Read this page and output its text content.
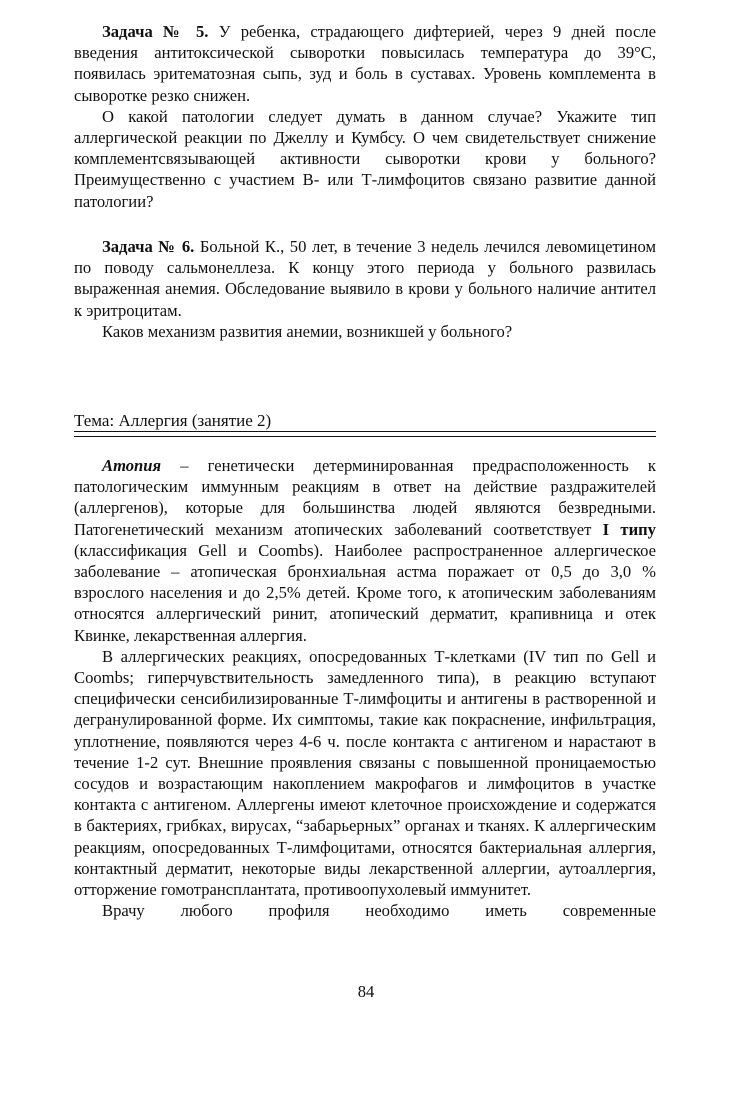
Задача № 5. У ребенка, страдающего дифтерией, через 9 дней после введения антитоксической сыворотки повысилась температура до 39°С, появилась эритематозная сыпь, зуд и боль в суставах. Уровень комплемента в сыворотке резко снижен.

О какой патологии следует думать в данном случае? Укажите тип аллергической реакции по Джеллу и Кумбсу. О чем свидетельствует снижение комплементсвязывающей активности сыворотки крови у больного? Преимущественно с участием В- или Т-лимфоцитов связано развитие данной патологии?

Задача № 6. Больной К., 50 лет, в течение 3 недель лечился левомицетином по поводу сальмонеллеза. К концу этого периода у больного развилась выраженная анемия. Обследование выявило в крови у больного наличие антител к эритроцитам.

Каков механизм развития анемии, возникшей у больного?

Тема: Аллергия (занятие 2)

Атопия – генетически детерминированная предрасположенность к патологическим иммунным реакциям в ответ на действие раздражителей (аллергенов), которые для большинства людей являются безвредными. Патогенетический механизм атопических заболеваний соответствует I типу (классификация Gell и Coombs). Наиболее распространенное аллергическое заболевание – атопическая бронхиальная астма поражает от 0,5 до 3,0 % взрослого населения и до 2,5% детей. Кроме того, к атопическим заболеваниям относятся аллергический ринит, атопический дерматит, крапивница и отек Квинке, лекарственная аллергия.

В аллергических реакциях, опосредованных Т-клетками (IV тип по Gell и Coombs; гиперчувствительность замедленного типа), в реакцию вступают специфически сенсибилизированные Т-лимфоциты и антигены в растворенной и дегранулированной форме. Их симптомы, такие как покраснение, инфильтрация, уплотнение, появляются через 4-6 ч. после контакта с антигеном и нарастают в течение 1-2 сут. Внешние проявления связаны с повышенной проницаемостью сосудов и возрастающим накоплением макрофагов и лимфоцитов в участке контакта с антигеном. Аллергены имеют клеточное происхождение и содержатся в бактериях, грибках, вирусах, “забарьерных” органах и тканях. К аллергическим реакциям, опосредованных Т-лимфоцитами, относятся бактериальная аллергия, контактный дерматит, некоторые виды лекарственной аллергии, аутоаллергия, отторжение гомотрансплантата, противоопухолевый иммунитет.

Врачу любого профиля необходимо иметь современные

84
